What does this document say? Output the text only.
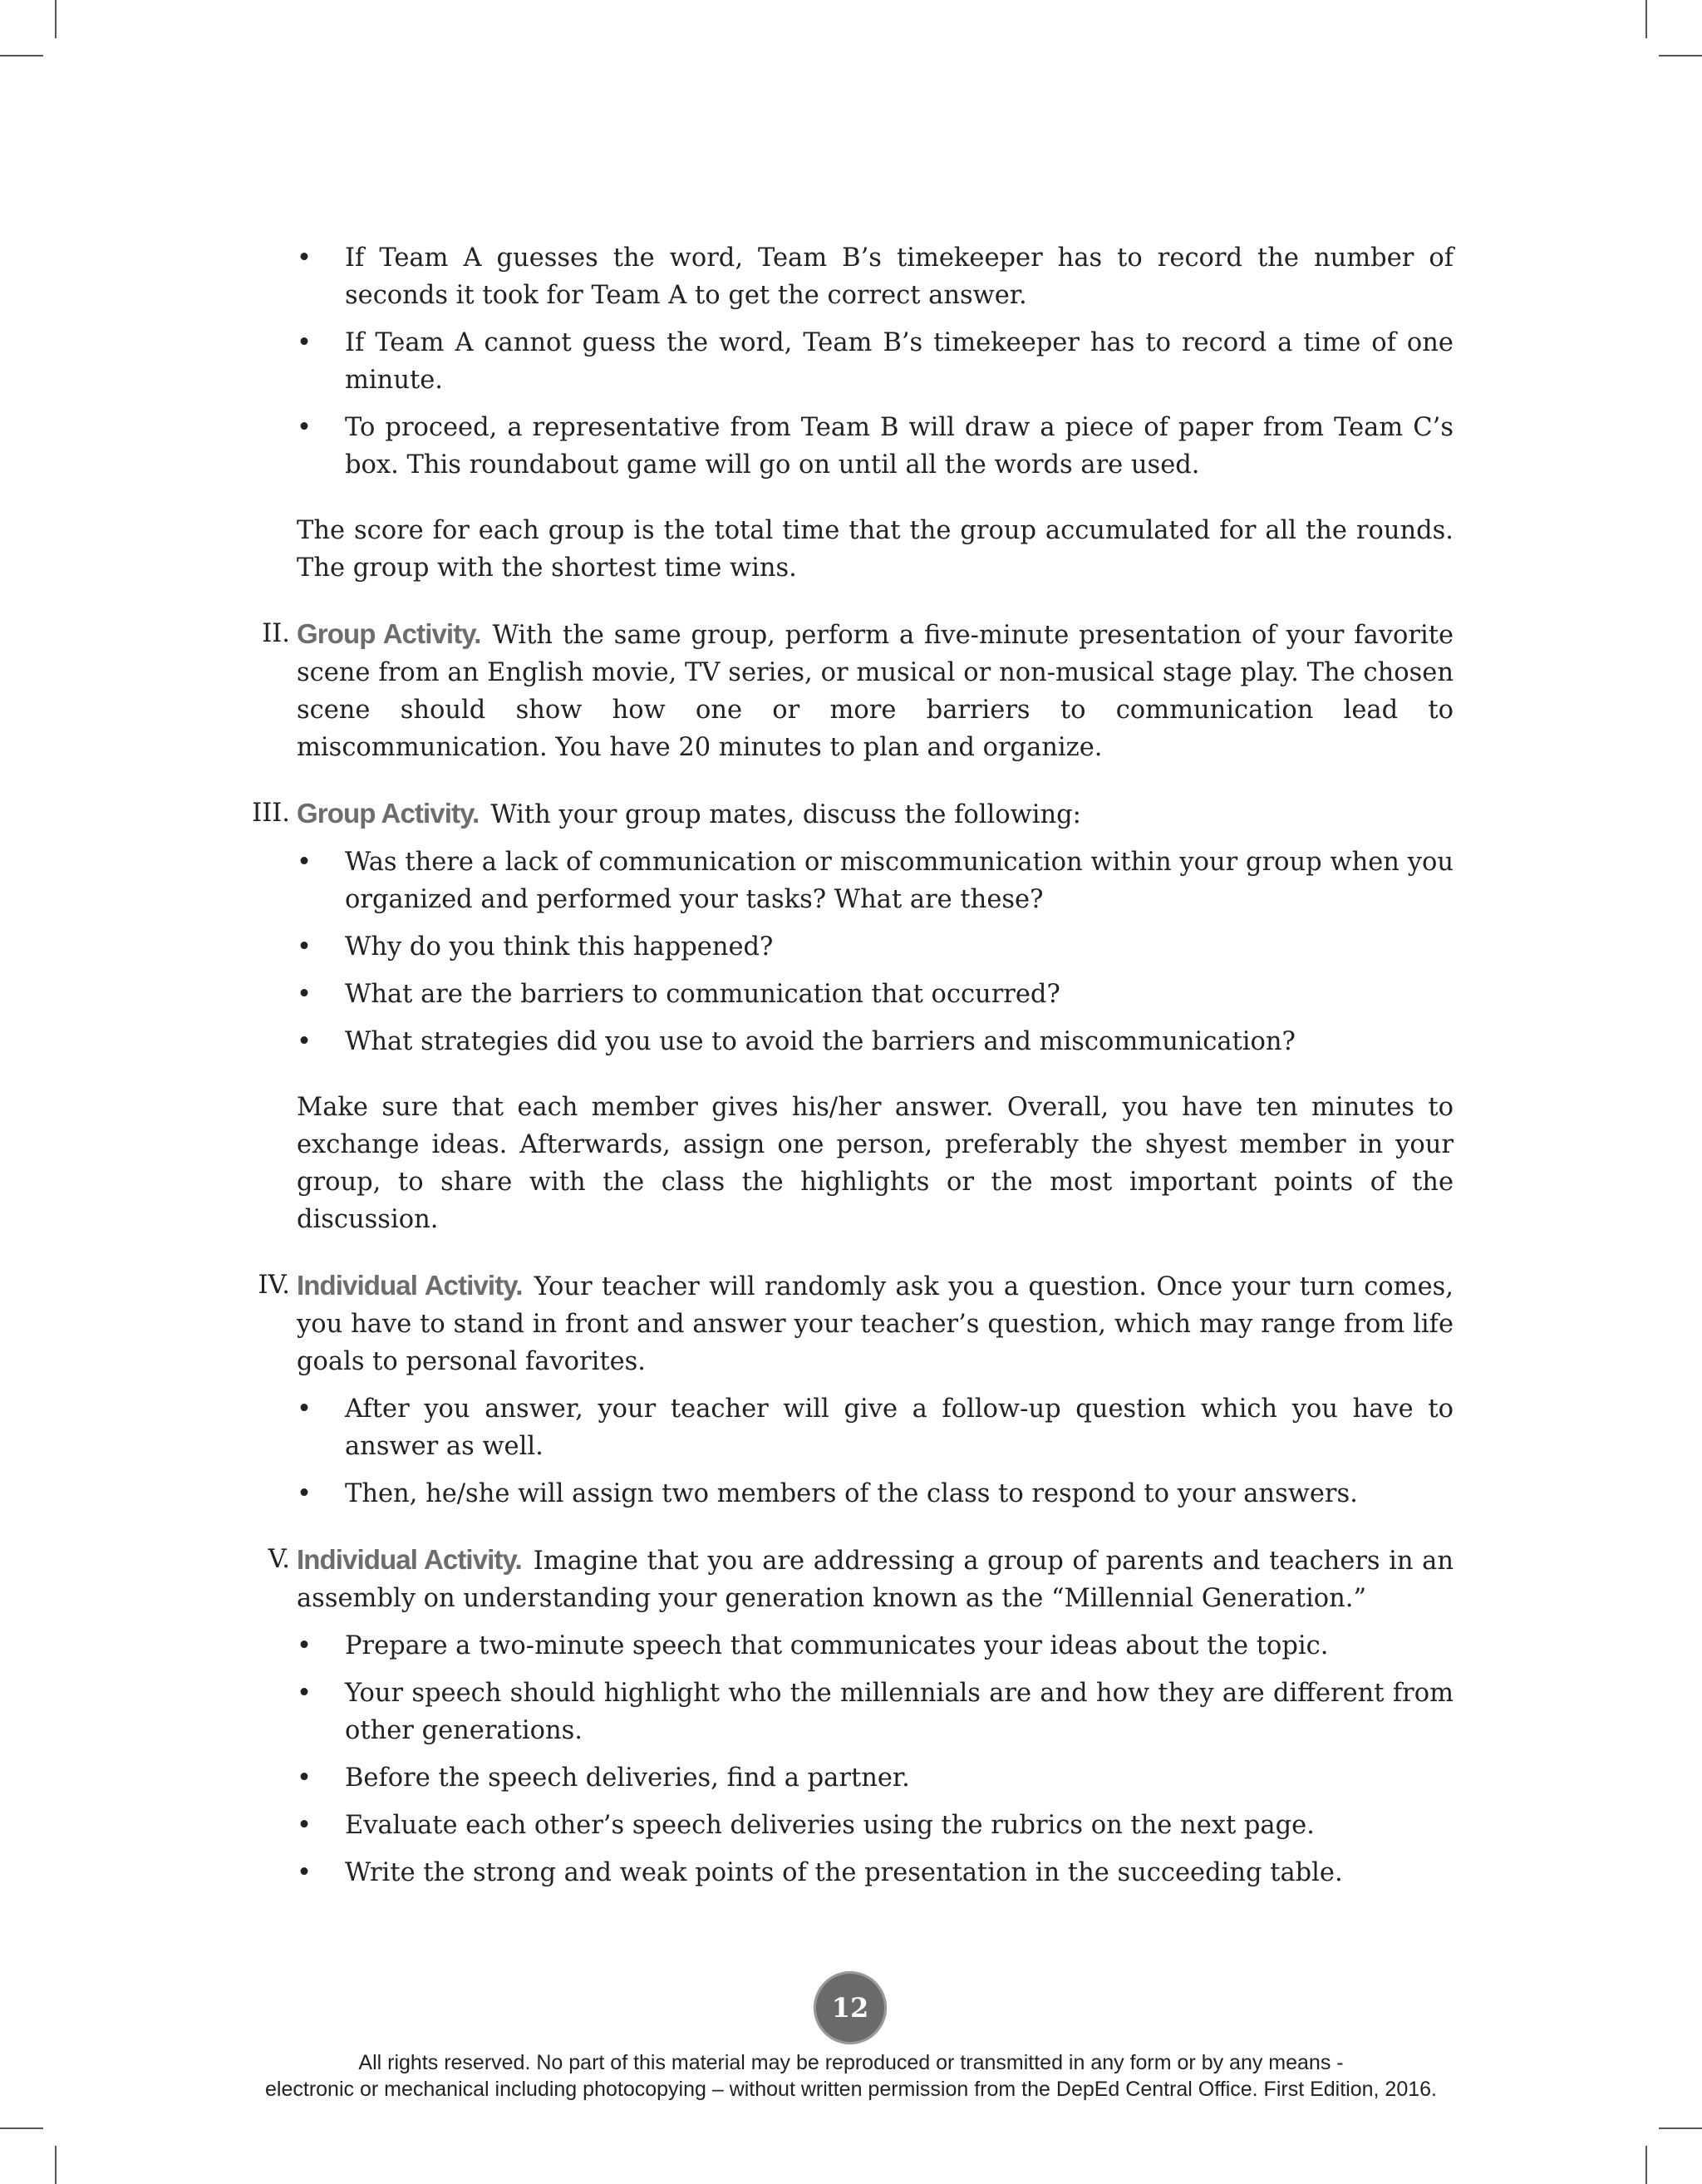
• If Team A guesses the word, Team B’s timekeeper has to record the number of seconds it took for Team A to get the correct answer.
• If Team A cannot guess the word, Team B’s timekeeper has to record a time of one minute.
• To proceed, a representative from Team B will draw a piece of paper from Team C’s box. This roundabout game will go on until all the words are used.

The score for each group is the total time that the group accumulated for all the rounds. The group with the shortest time wins.

II. Group Activity. With the same group, perform a five-minute presentation of your favorite scene from an English movie, TV series, or musical or non-musical stage play. The chosen scene should show how one or more barriers to communication lead to miscommunication. You have 20 minutes to plan and organize.

III. Group Activity. With your group mates, discuss the following:

• Was there a lack of communication or miscommunication within your group when you organized and performed your tasks? What are these?
• Why do you think this happened?
• What are the barriers to communication that occurred?
• What strategies did you use to avoid the barriers and miscommunication?

Make sure that each member gives his/her answer. Overall, you have ten minutes to exchange ideas. Afterwards, assign one person, preferably the shyest member in your group, to share with the class the highlights or the most important points of the discussion.

IV. Individual Activity. Your teacher will randomly ask you a question. Once your turn comes, you have to stand in front and answer your teacher’s question, which may range from life goals to personal favorites.

• After you answer, your teacher will give a follow-up question which you have to answer as well.
• Then, he/she will assign two members of the class to respond to your answers.
V. Individual Activity. Imagine that you are addressing a group of parents and teachers in an assembly on understanding your generation known as the “Millennial Generation.”

• Prepare a two-minute speech that communicates your ideas about the topic.
• Your speech should highlight who the millennials are and how they are different from other generations.
• Before the speech deliveries, find a partner.
• Evaluate each other’s speech deliveries using the rubrics on the next page.
• Write the strong and weak points of the presentation in the succeeding table.
12
All rights reserved. No part of this material may be reproduced or transmitted in any form or by any means -
electronic or mechanical including photocopying – without written permission from the DepEd Central Office. First Edition, 2016.
